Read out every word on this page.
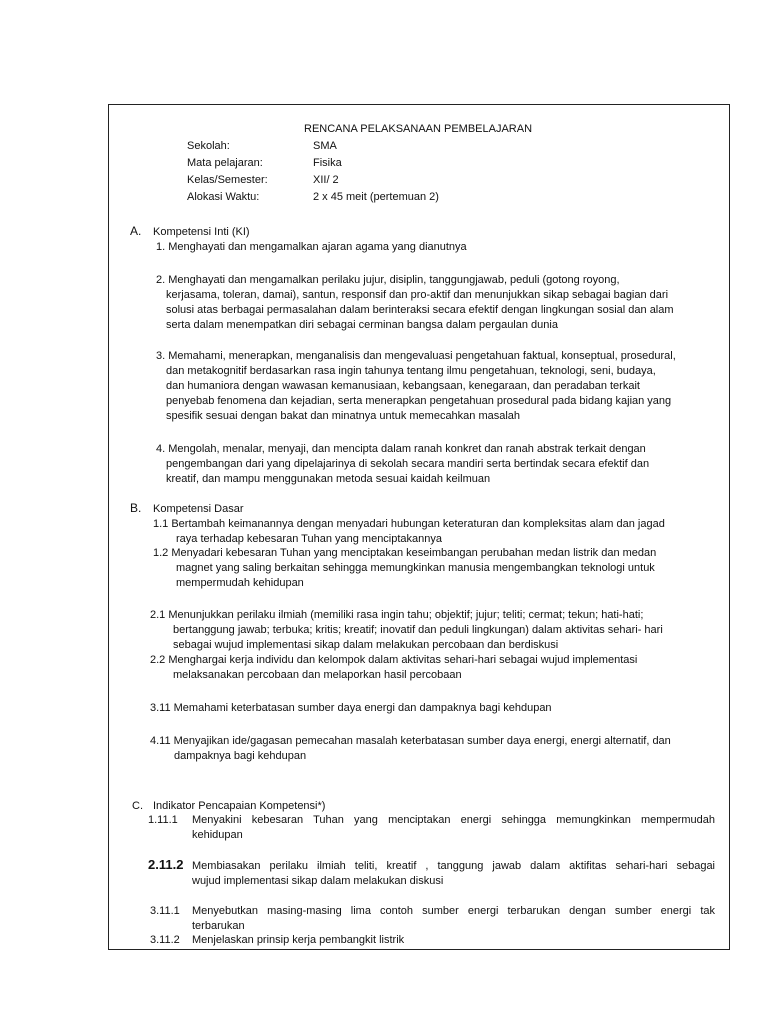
RENCANA PELAKSANAAN PEMBELAJARAN
Sekolah:	SMA
Mata pelajaran:	Fisika
Kelas/Semester:	XII/ 2
Alokasi Waktu:	2 x 45 meit (pertemuan 2)
A. Kompetensi Inti (KI)
1. Menghayati dan mengamalkan ajaran agama yang dianutnya
2. Menghayati dan mengamalkan perilaku jujur, disiplin, tanggungjawab, peduli (gotong royong,
kerjasama, toleran, damai), santun, responsif dan pro-aktif dan menunjukkan sikap sebagai bagian dari
solusi atas berbagai permasalahan dalam berinteraksi secara efektif dengan lingkungan sosial dan alam
serta dalam menempatkan diri sebagai cerminan bangsa dalam pergaulan dunia
3. Memahami, menerapkan, menganalisis dan mengevaluasi pengetahuan faktual, konseptual, prosedural,
dan metakognitif berdasarkan rasa ingin tahunya tentang ilmu pengetahuan, teknologi, seni, budaya,
dan humaniora dengan wawasan kemanusiaan, kebangsaan, kenegaraan, dan peradaban terkait
penyebab fenomena dan kejadian, serta menerapkan pengetahuan prosedural pada bidang kajian yang
spesifik sesuai dengan bakat dan minatnya untuk memecahkan masalah
4. Mengolah, menalar, menyaji, dan mencipta dalam ranah konkret dan ranah abstrak terkait dengan
pengembangan dari yang dipelajarinya di sekolah secara mandiri serta bertindak secara efektif dan
kreatif, dan mampu menggunakan metoda sesuai kaidah keilmuan
B. Kompetensi Dasar
1.1 Bertambah keimanannya dengan menyadari hubungan keteraturan dan kompleksitas alam dan jagad
raya terhadap kebesaran Tuhan yang menciptakannya
1.2 Menyadari kebesaran Tuhan yang menciptakan keseimbangan perubahan medan listrik dan medan
magnet yang saling berkaitan sehingga memungkinkan manusia mengembangkan teknologi untuk
mempermudah kehidupan
2.1 Menunjukkan perilaku ilmiah (memiliki rasa ingin tahu; objektif; jujur; teliti; cermat; tekun; hati-hati;
bertanggung jawab; terbuka; kritis; kreatif; inovatif dan peduli lingkungan) dalam aktivitas sehari- hari
sebagai wujud implementasi sikap dalam melakukan percobaan dan berdiskusi
2.2 Menghargai kerja individu dan kelompok dalam aktivitas sehari-hari sebagai wujud implementasi
melaksanakan percobaan dan melaporkan hasil percobaan
3.11 Memahami keterbatasan sumber daya energi dan dampaknya bagi kehdupan
4.11 Menyajikan ide/gagasan pemecahan masalah keterbatasan sumber daya energi, energi alternatif, dan
dampaknya bagi kehdupan
C. Indikator Pencapaian Kompetensi*)
1.11.1	Menyakini kebesaran Tuhan yang menciptakan energi sehingga memungkinkan mempermudah
kehidupan
2.11.2 Membiasakan perilaku ilmiah teliti, kreatif , tanggung jawab dalam aktifitas sehari-hari sebagai
wujud implementasi sikap dalam melakukan diskusi
3.11.1	Menyebutkan masing-masing lima contoh sumber energi terbarukan dengan sumber energi tak
terbarukan
3.11.2	Menjelaskan prinsip kerja pembangkit listrik
